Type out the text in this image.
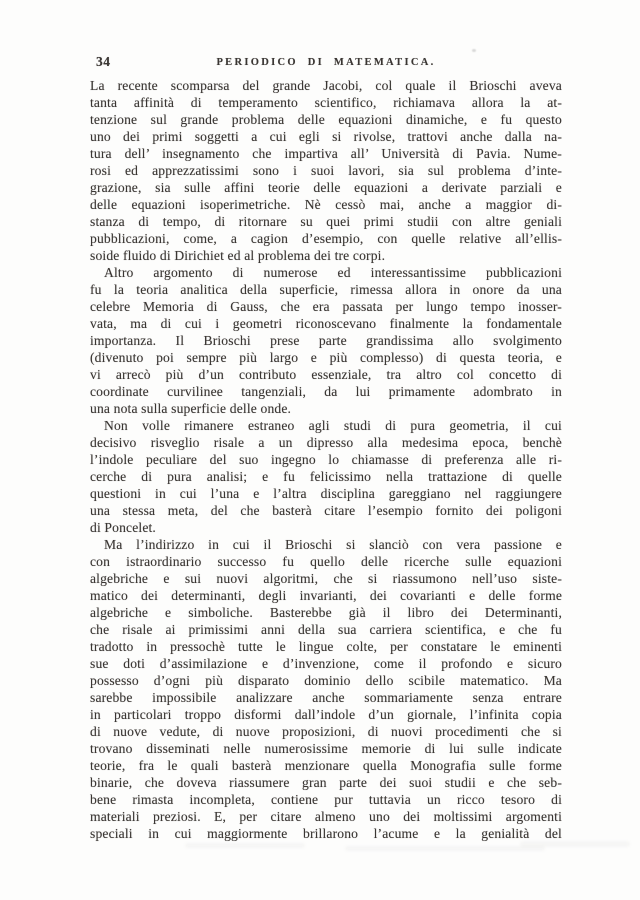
34	PERIODICO DI MATEMATICA.
La recente scomparsa del grande Jacobi, col quale il Brioschi aveva
tanta affinità di temperamento scientifico, richiamava allora la at-
tenzione sul grande problema delle equazioni dinamiche, e fu questo
uno dei primi soggetti a cui egli si rivolse, trattovi anche dalla na-
tura dell’ insegnamento che impartiva all’ Università di Pavia. Nume-
rosi ed apprezzatissimi sono i suoi lavori, sia sul problema d’inte-
grazione, sia sulle affini teorie delle equazioni a derivate parziali e
delle equazioni isoperimetriche. Nè cessò mai, anche a maggior di-
stanza di tempo, di ritornare su quei primi studii con altre geniali
pubblicazioni, come, a cagion d’esempio, con quelle relative all’ellis-
soide fluido di Dirichiet ed al problema dei tre corpi.
Altro argomento di numerose ed interessantissime pubblicazioni
fu la teoria analitica della superficie, rimessa allora in onore da una
celebre Memoria di Gauss, che era passata per lungo tempo inosser-
vata, ma di cui i geometri riconoscevano finalmente la fondamentale
importanza. Il Brioschi prese parte grandissima allo svolgimento
(divenuto poi sempre più largo e più complesso) di questa teoria, e
vi arrecò più d’un contributo essenziale, tra altro col concetto di
coordinate curvilinee tangenziali, da lui primamente adombrato in
una nota sulla superficie delle onde.
Non volle rimanere estraneo agli studi di pura geometria, il cui
decisivo risveglio risale a un dipresso alla medesima epoca, benchè
l’indole peculiare del suo ingegno lo chiamasse di preferenza alle ri-
cerche di pura analisi; e fu felicissimo nella trattazione di quelle
questioni in cui l’una e l’altra disciplina gareggiano nel raggiungere
una stessa meta, del che basterà citare l’esempio fornito dei poligoni
di Poncelet.
Ma l’indirizzo in cui il Brioschi si slanciò con vera passione e
con istraordinario successo fu quello delle ricerche sulle equazioni
algebriche e sui nuovi algoritmi, che si riassumono nell’uso siste-
matico dei determinanti, degli invarianti, dei covarianti e delle forme
algebriche e simboliche. Basterebbe già il libro dei Determinanti,
che risale ai primissimi anni della sua carriera scientifica, e che fu
tradotto in pressochè tutte le lingue colte, per constatare le eminenti
sue doti d’assimilazione e d’invenzione, come il profondo e sicuro
possesso d’ogni più disparato dominio dello scibile matematico. Ma
sarebbe impossibile analizzare anche sommariamente senza entrare
in particolari troppo disformi dall’indole d’un giornale, l’infinita copia
di nuove vedute, di nuove proposizioni, di nuovi procedimenti che si
trovano disseminati nelle numerosissime memorie di lui sulle indicate
teorie, fra le quali basterà menzionare quella Monografia sulle forme
binarie, che doveva riassumere gran parte dei suoi studii e che seb-
bene rimasta incompleta, contiene pur tuttavia un ricco tesoro di
materiali preziosi. E, per citare almeno uno dei moltissimi argomenti
speciali in cui maggiormente brillarono l’acume e la genialità del
